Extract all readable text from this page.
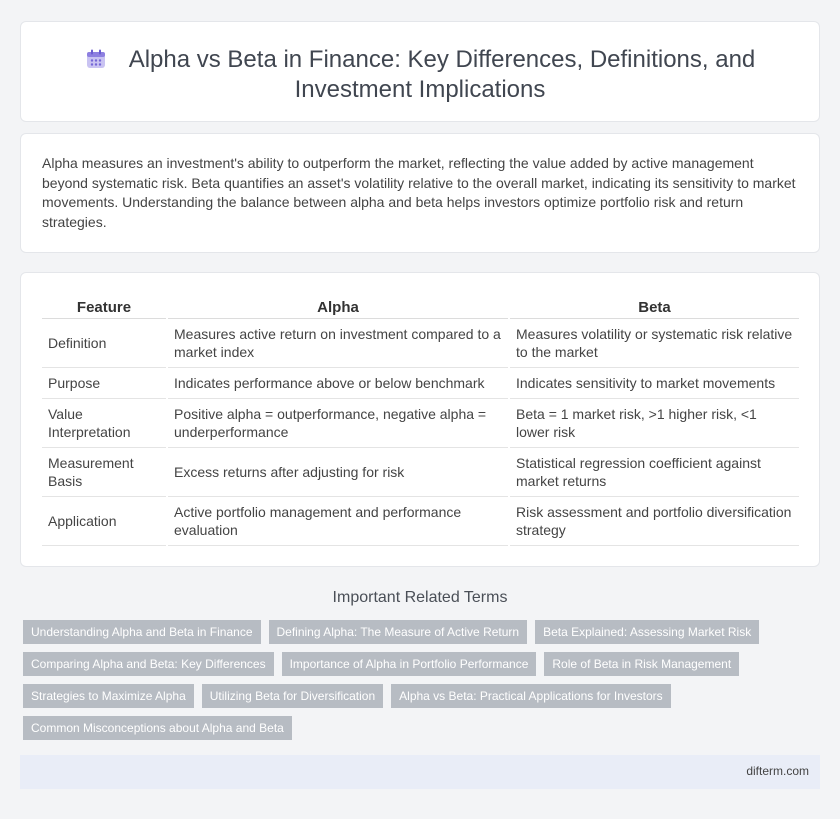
Alpha vs Beta in Finance: Key Differences, Definitions, and
Investment Implications

Alpha measures an investment's ability to outperform the market, reflecting the value added by active management beyond systematic risk. Beta quantifies an asset's volatility relative to the overall market, indicating its sensitivity to market movements. Understanding the balance between alpha and beta helps investors optimize portfolio risk and return strategies.

Feature	Alpha	Beta
Definition	Measures active return on investment compared to a market index	Measures volatility or systematic risk relative to the market
Purpose	Indicates performance above or below benchmark	Indicates sensitivity to market movements
Value Interpretation	Positive alpha = outperformance, negative alpha = underperformance	Beta = 1 market risk, >1 higher risk, <1 lower risk
Measurement Basis	Excess returns after adjusting for risk	Statistical regression coefficient against market returns
Application	Active portfolio management and performance evaluation	Risk assessment and portfolio diversification strategy
Important Related Terms
Understanding Alpha and Beta in Finance	Defining Alpha: The Measure of Active Return	Beta Explained: Assessing Market Risk
Comparing Alpha and Beta: Key Differences	Importance of Alpha in Portfolio Performance	Role of Beta in Risk Management
Strategies to Maximize Alpha	Utilizing Beta for Diversification	Alpha vs Beta: Practical Applications for Investors
Common Misconceptions about Alpha and Beta
difterm.com
